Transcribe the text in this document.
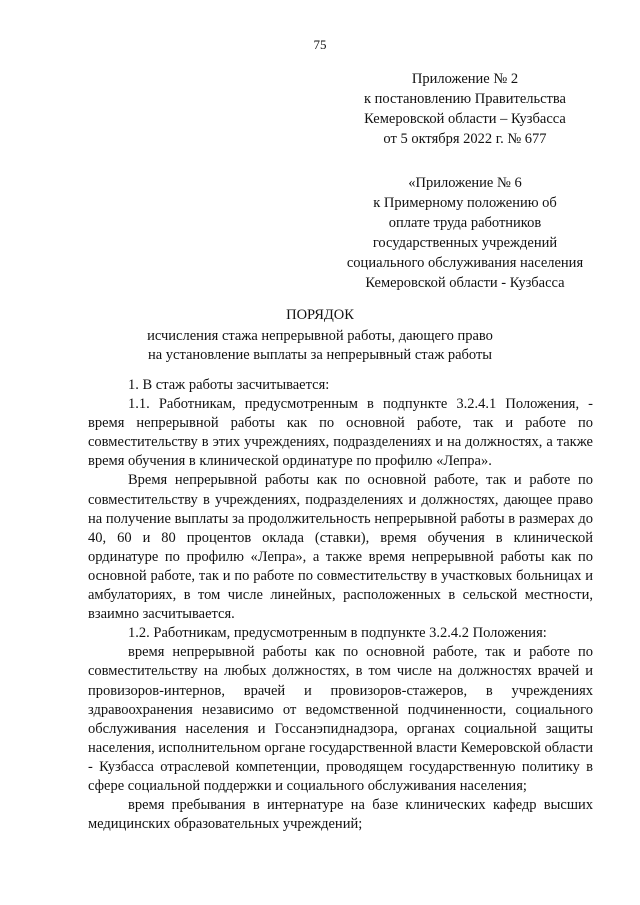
75
Приложение № 2
к постановлению Правительства
Кемеровской области – Кузбасса
от 5 октября 2022 г. № 677
«Приложение № 6
к Примерному положению об
оплате труда работников
государственных учреждений
социального обслуживания населения
Кемеровской области - Кузбасса
ПОРЯДОК
исчисления стажа непрерывной работы, дающего право
на установление выплаты за непрерывный стаж работы

1. В стаж работы засчитывается:

1.1. Работникам, предусмотренным в подпункте 3.2.4.1 Положения, - время непрерывной работы как по основной работе, так и работе по совместительству в этих учреждениях, подразделениях и на должностях, а также время обучения в клинической ординатуре по профилю «Лепра».

Время непрерывной работы как по основной работе, так и работе по совместительству в учреждениях, подразделениях и должностях, дающее право на получение выплаты за продолжительность непрерывной работы в размерах до 40, 60 и 80 процентов оклада (ставки), время обучения в клинической ординатуре по профилю «Лепра», а также время непрерывной работы как по основной работе, так и по работе по совместительству в участковых больницах и амбулаториях, в том числе линейных, расположенных в сельской местности, взаимно засчитывается.

1.2. Работникам, предусмотренным в подпункте 3.2.4.2 Положения:

время непрерывной работы как по основной работе, так и работе по совместительству на любых должностях, в том числе на должностях врачей и провизоров-интернов, врачей и провизоров-стажеров, в учреждениях здравоохранения независимо от ведомственной подчиненности, социального обслуживания населения и Госсанэпиднадзора, органах социальной защиты населения, исполнительном органе государственной власти Кемеровской области - Кузбасса отраслевой компетенции, проводящем государственную политику в сфере социальной поддержки и социального обслуживания населения;

время пребывания в интернатуре на базе клинических кафедр высших медицинских образовательных учреждений;
